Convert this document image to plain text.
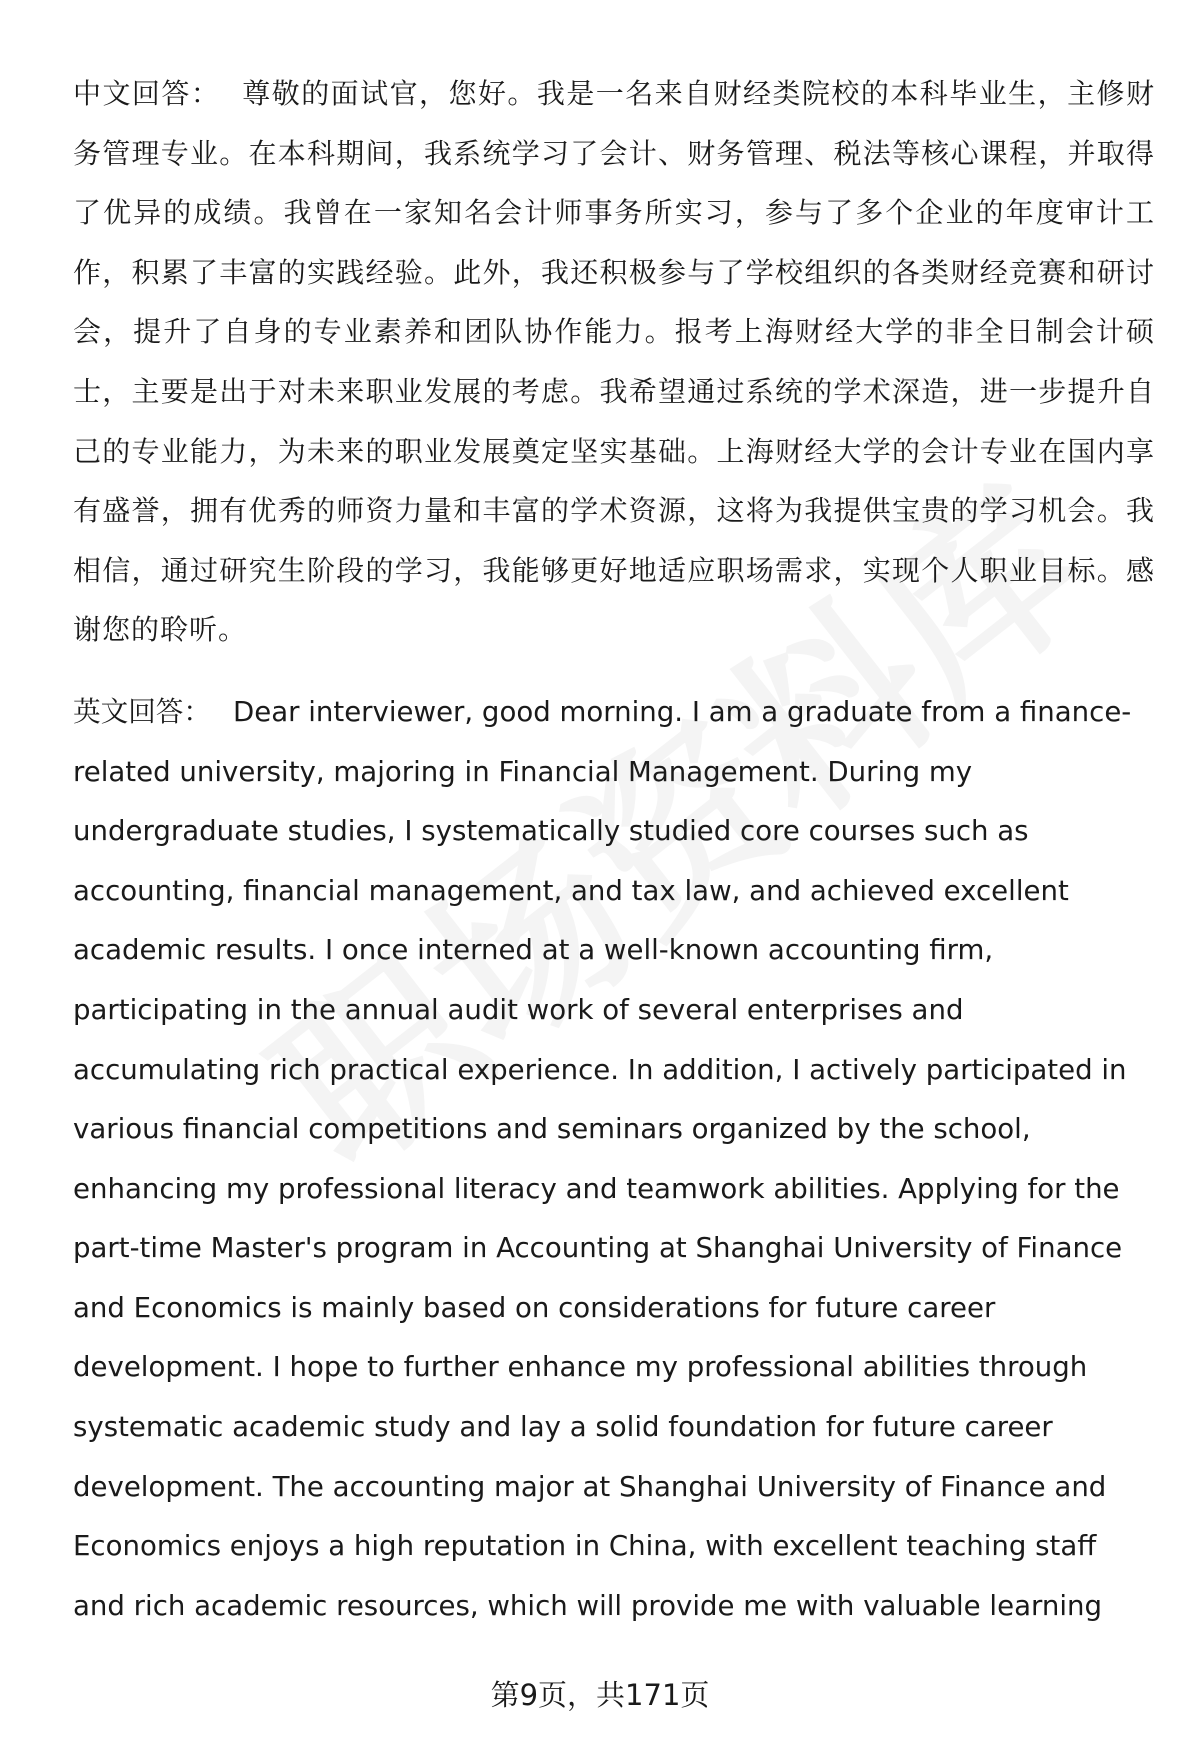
中文回答： 尊敬的面试官，您好。我是一名来自财经类院校的本科毕业生，主修财务管理专业。在本科期间，我系统学习了会计、财务管理、税法等核心课程，并取得了优异的成绩。我曾在一家知名会计师事务所实习，参与了多个企业的年度审计工作，积累了丰富的实践经验。此外，我还积极参与了学校组织的各类财经竞赛和研讨会，提升了自身的专业素养和团队协作能力。报考上海财经大学的非全日制会计硕士，主要是出于对未来职业发展的考虑。我希望通过系统的学术深造，进一步提升自己的专业能力，为未来的职业发展奠定坚实基础。上海财经大学的会计专业在国内享有盛誉，拥有优秀的师资力量和丰富的学术资源，这将为我提供宝贵的学习机会。我相信，通过研究生阶段的学习，我能够更好地适应职场需求，实现个人职业目标。感谢您的聆听。

英文回答： Dear interviewer, good morning. I am a graduate from a finance-related university, majoring in Financial Management. During my undergraduate studies, I systematically studied core courses such as accounting, financial management, and tax law, and achieved excellent academic results. I once interned at a well-known accounting firm, participating in the annual audit work of several enterprises and accumulating rich practical experience. In addition, I actively participated in various financial competitions and seminars organized by the school, enhancing my professional literacy and teamwork abilities. Applying for the part-time Master's program in Accounting at Shanghai University of Finance and Economics is mainly based on considerations for future career development. I hope to further enhance my professional abilities through systematic academic study and lay a solid foundation for future career development. The accounting major at Shanghai University of Finance and Economics enjoys a high reputation in China, with excellent teaching staff and rich academic resources, which will provide me with valuable learning

第9页，共171页
